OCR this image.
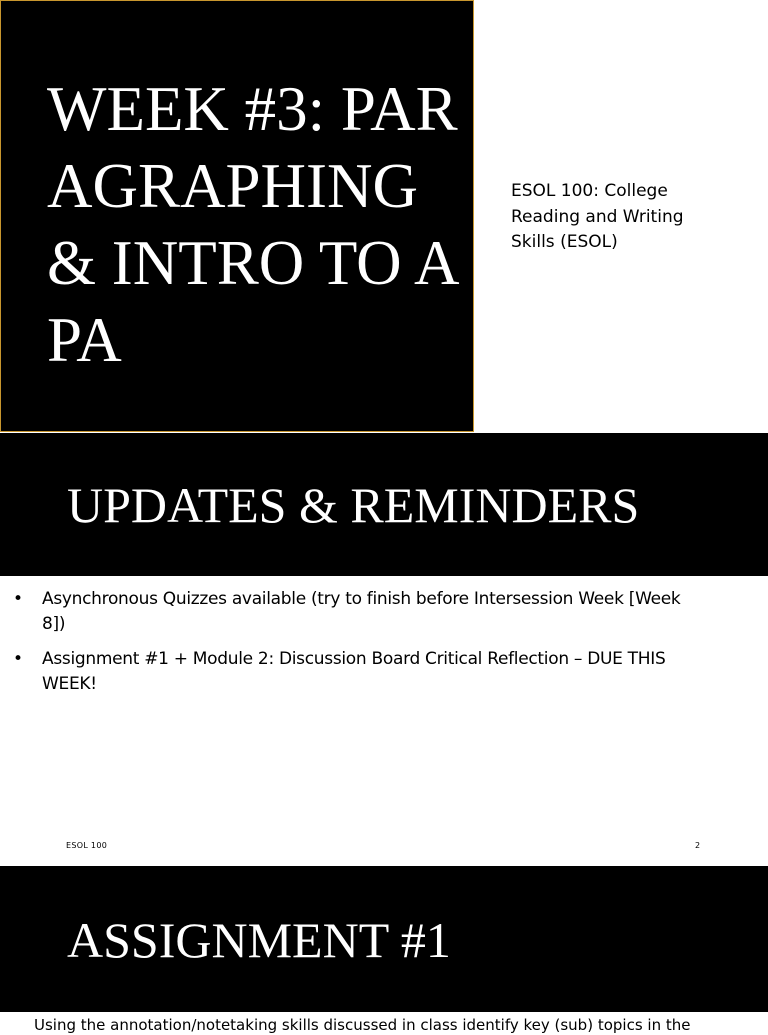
WEEK #3: PARAGRAPHING & INTRO TO APA
ESOL 100: College Reading and Writing Skills (ESOL)
UPDATES & REMINDERS
• Asynchronous Quizzes available (try to finish before Intersession Week [Week 8])
• Assignment #1 + Module 2: Discussion Board Critical Reflection – DUE THIS WEEK!
ESOL 100	2
ASSIGNMENT #1
Using the annotation/notetaking skills discussed in class identify key (sub) topics in the
